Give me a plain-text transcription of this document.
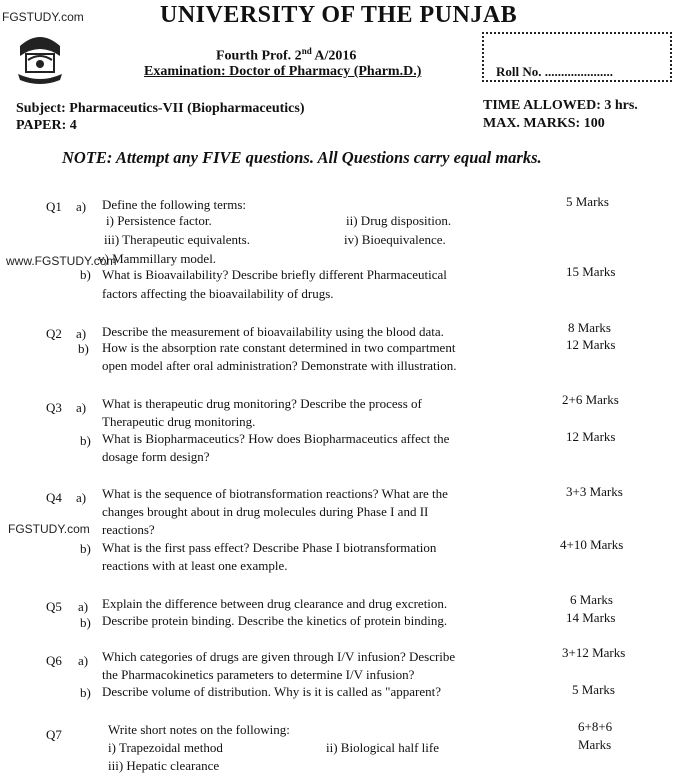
FGSTUDY.com
www.FGSTUDY.com
FGSTUDY.com
UNIVERSITY OF THE PUNJAB
Fourth Prof. 2nd A/2016
Examination: Doctor of Pharmacy (Pharm.D.)	Roll No. .....................
Subject: Pharmaceutics-VII (Biopharmaceutics)
PAPER: 4
TIME ALLOWED: 3 hrs.
MAX. MARKS: 100
NOTE: Attempt any FIVE questions. All Questions carry equal marks.
Q1 a) Define the following terms:	5 Marks
i) Persistence factor.	ii) Drug disposition.
iii) Therapeutic equivalents.	iv) Bioequivalence.
v) Mammillary model.
b) What is Bioavailability? Describe briefly different Pharmaceutical
factors affecting the bioavailability of drugs.
15 Marks
Q2 a) Describe the measurement of bioavailability using the blood data.	8 Marks
b) How is the absorption rate constant determined in two compartment
open model after oral administration? Demonstrate with illustration.
12 Marks
Q3 a) What is therapeutic drug monitoring? Describe the process of
Therapeutic drug monitoring.
2+6 Marks
b) What is Biopharmaceutics? How does Biopharmaceutics affect the
dosage form design?
12 Marks
Q4 a) What is the sequence of biotransformation reactions? What are the
changes brought about in drug molecules during Phase I and II
reactions?
3+3 Marks
b) What is the first pass effect? Describe Phase I biotransformation
reactions with at least one example.
4+10 Marks
Q5 a) Explain the difference between drug clearance and drug excretion.	6 Marks
b) Describe protein binding. Describe the kinetics of protein binding.	14 Marks
Q6 a) Which categories of drugs are given through I/V infusion? Describe
the Pharmacokinetics parameters to determine I/V infusion?
3+12 Marks
b) Describe volume of distribution. Why is it is called as "apparent?	5 Marks
Q7	Write short notes on the following:
i) Trapezoidal method	ii) Biological half life
iii) Hepatic clearance
6+8+6
Marks
